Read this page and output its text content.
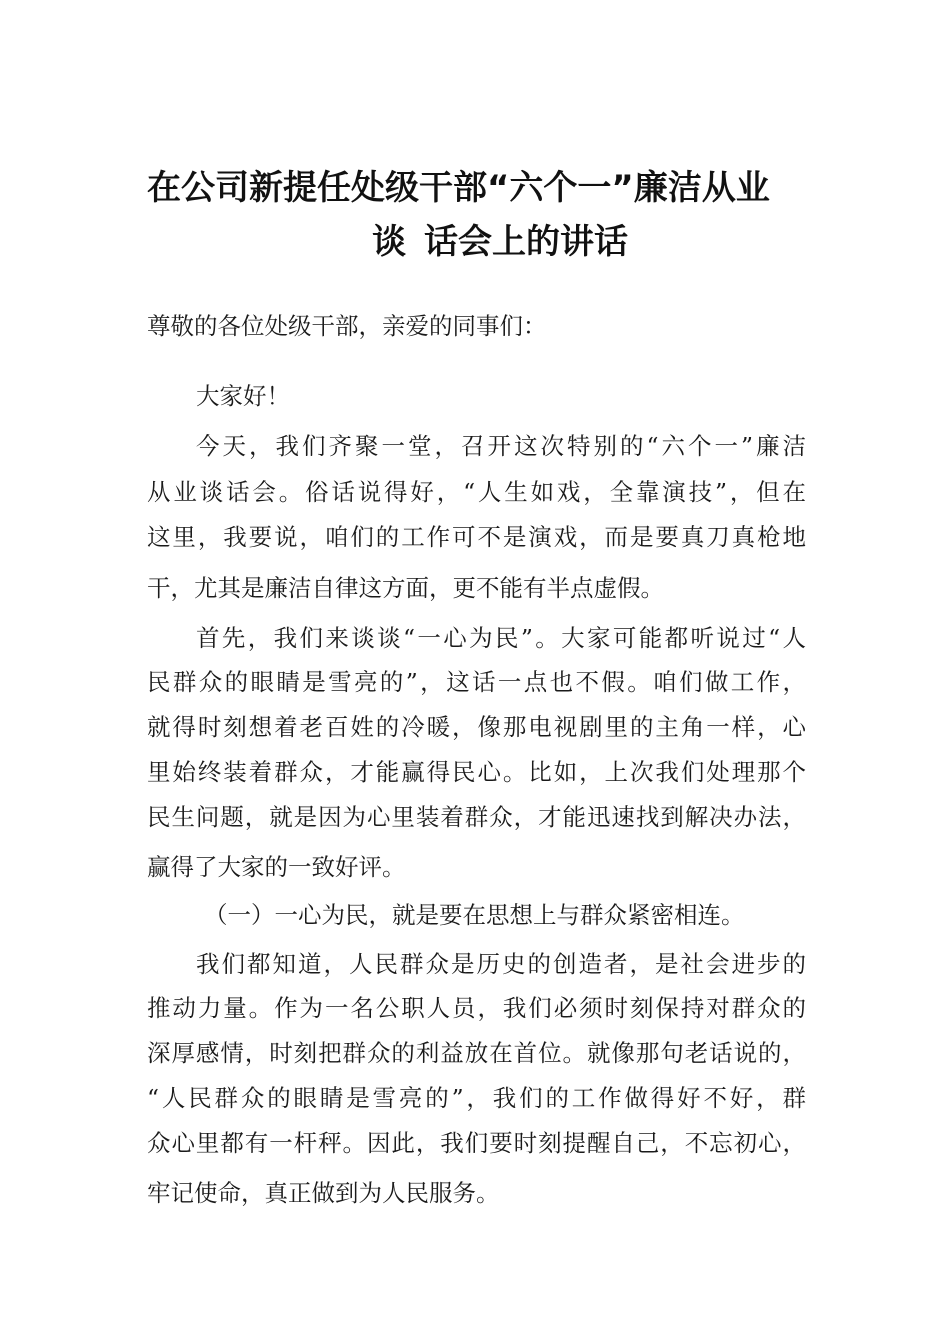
在公司新提任处级干部“六个一”廉洁从业
谈 话会上的讲话
尊敬的各位处级干部，亲爱的同事们：
大家好！
今天，我们齐聚一堂，召开这次特别的“六个一”廉洁
从业谈话会。俗话说得好，“人生如戏，全靠演技”，但在
这里，我要说，咱们的工作可不是演戏，而是要真刀真枪地
干，尤其是廉洁自律这方面，更不能有半点虚假。
首先，我们来谈谈“一心为民”。大家可能都听说过“人
民群众的眼睛是雪亮的”，这话一点也不假。咱们做工作，
就得时刻想着老百姓的冷暖，像那电视剧里的主角一样，心
里始终装着群众，才能赢得民心。比如，上次我们处理那个
民生问题，就是因为心里装着群众，才能迅速找到解决办法，
赢得了大家的一致好评。
（一）一心为民，就是要在思想上与群众紧密相连。
我们都知道，人民群众是历史的创造者，是社会进步的
推动力量。作为一名公职人员，我们必须时刻保持对群众的
深厚感情，时刻把群众的利益放在首位。就像那句老话说的，
“人民群众的眼睛是雪亮的”，我们的工作做得好不好，群
众心里都有一杆秤。因此，我们要时刻提醒自己，不忘初心，
牢记使命，真正做到为人民服务。
